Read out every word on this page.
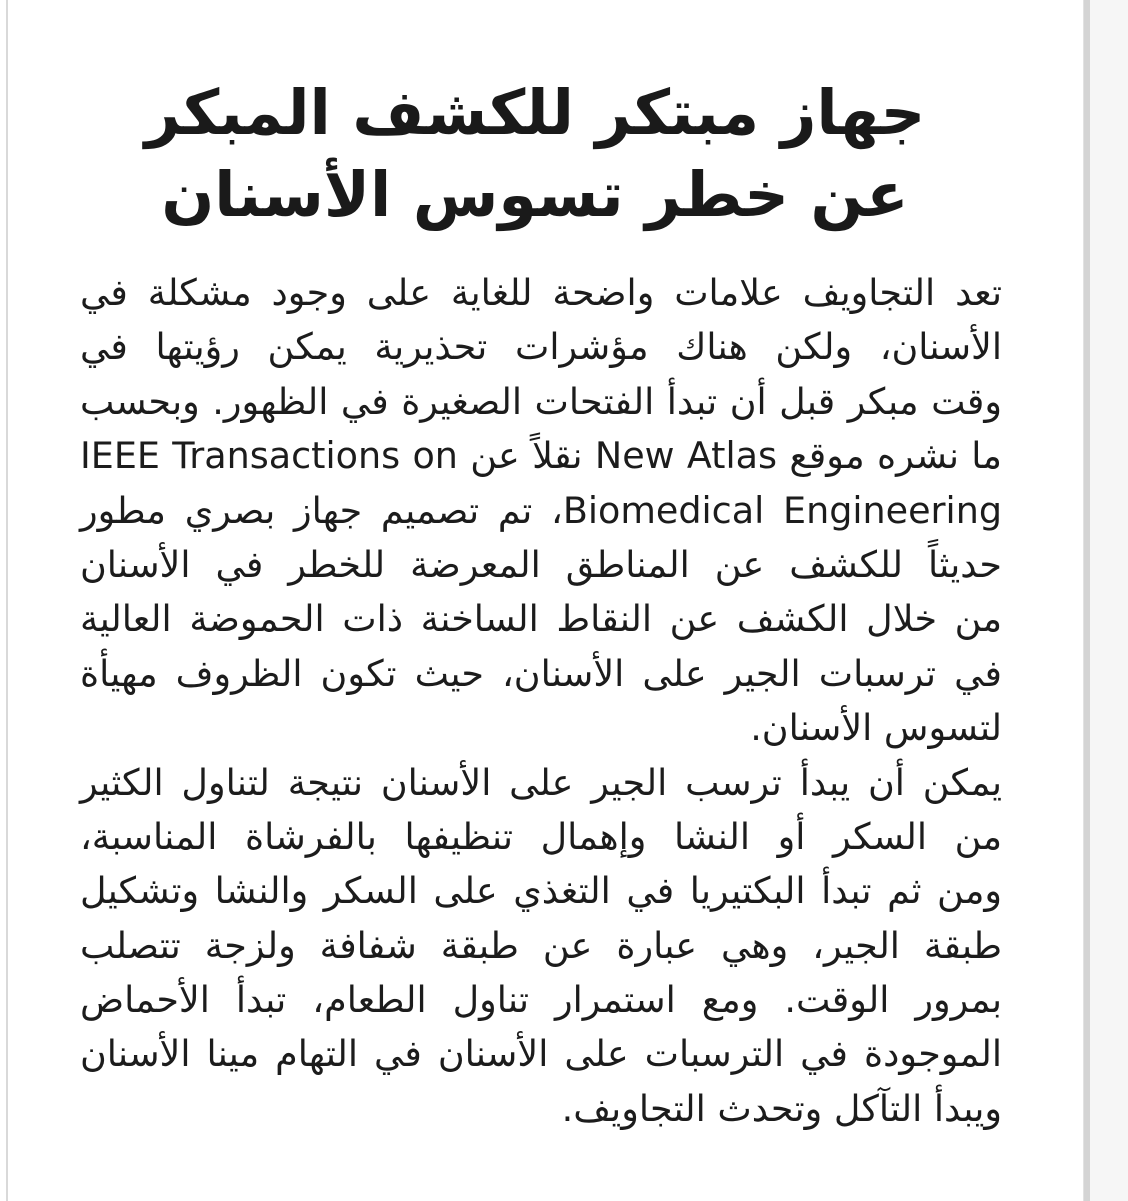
جهاز مبتكر للكشف المبكر
عن خطر تسوس الأسنان
تعد التجاويف علامات واضحة للغاية على وجود مشكلة في
الأسنان، ولكن هناك مؤشرات تحذيرية يمكن رؤيتها في
وقت مبكر قبل أن تبدأ الفتحات الصغيرة في الظهور. وبحسب
ما نشره موقع New Atlas نقلاً عن IEEE Transactions on
Biomedical Engineering، تم تصميم جهاز بصري مطور
حديثاً للكشف عن المناطق المعرضة للخطر في الأسنان
من خلال الكشف عن النقاط الساخنة ذات الحموضة العالية
في ترسبات الجير على الأسنان، حيث تكون الظروف مهيأة
لتسوس الأسنان.
يمكن أن يبدأ ترسب الجير على الأسنان نتيجة لتناول الكثير
من السكر أو النشا وإهمال تنظيفها بالفرشاة المناسبة،
ومن ثم تبدأ البكتيريا في التغذي على السكر والنشا وتشكيل
طبقة الجير، وهي عبارة عن طبقة شفافة ولزجة تتصلب
بمرور الوقت. ومع استمرار تناول الطعام، تبدأ الأحماض
الموجودة في الترسبات على الأسنان في التهام مينا الأسنان
ويبدأ التآكل وتحدث التجاويف.
